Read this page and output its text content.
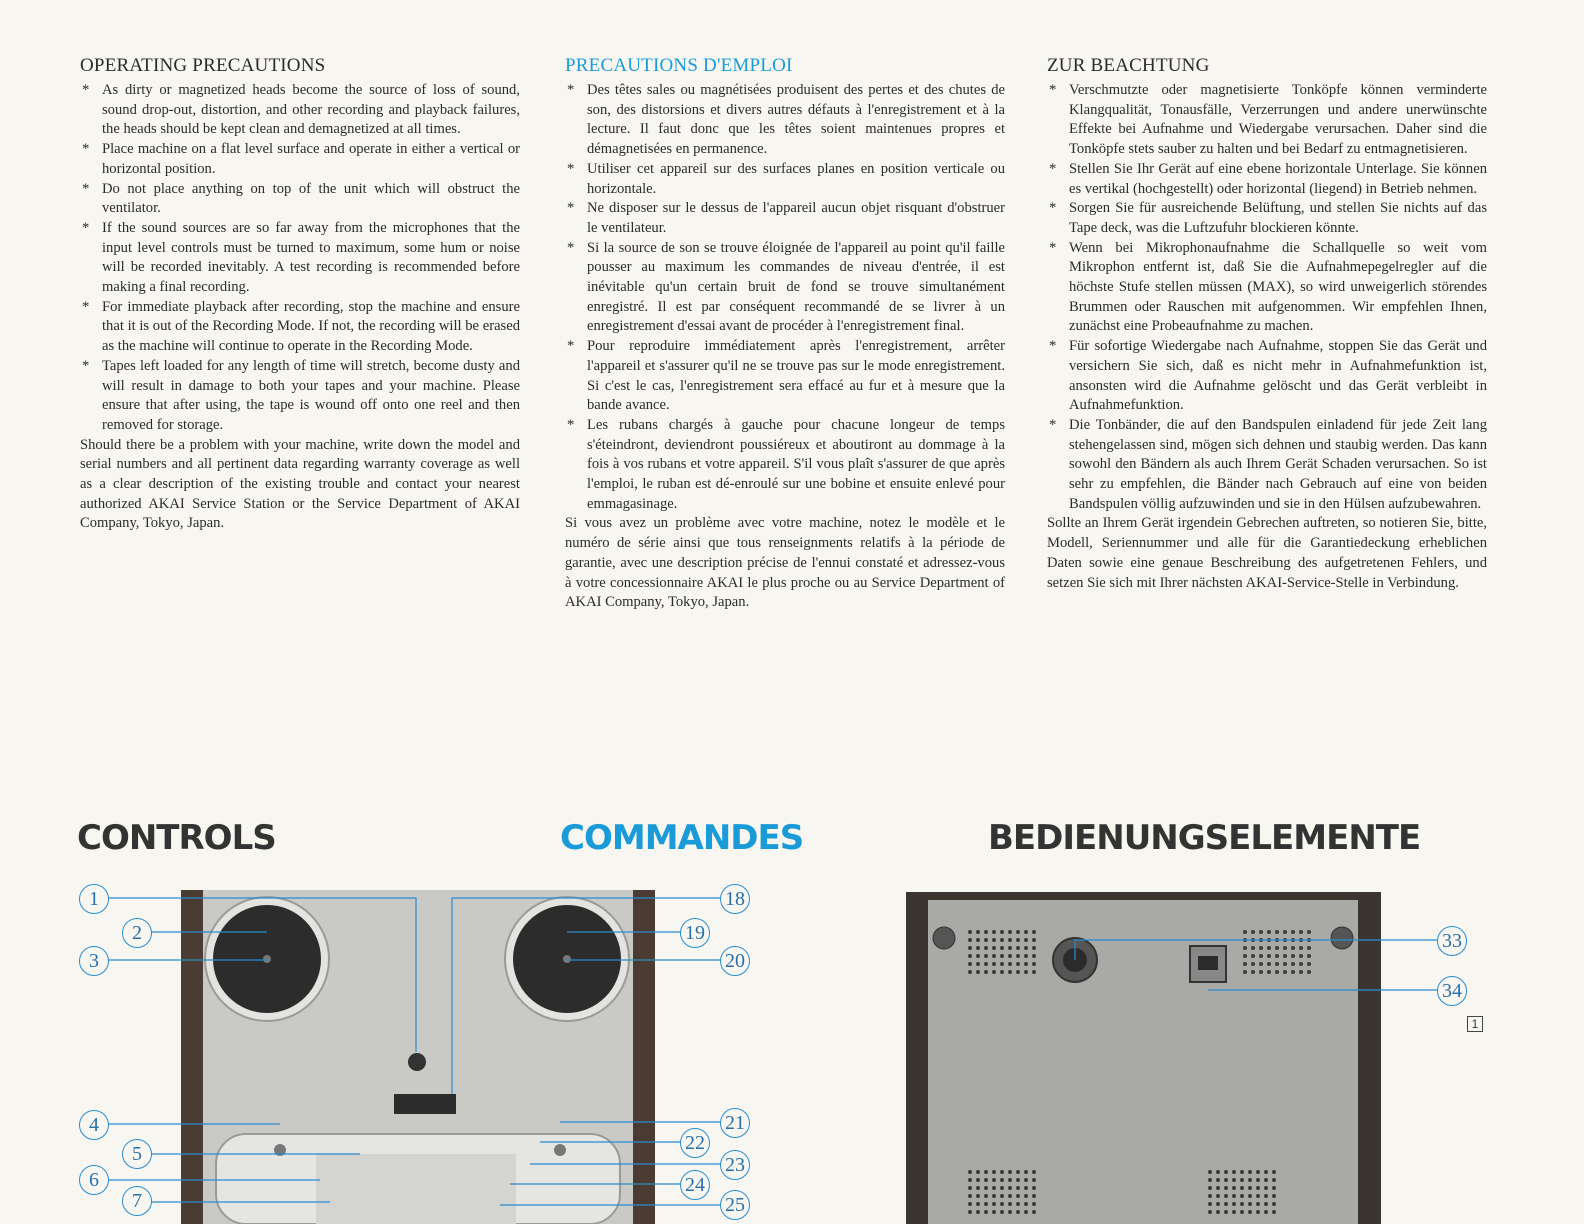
OPERATING PRECAUTIONS
* As dirty or magnetized heads become the source of loss of sound, sound drop-out, distortion, and other recording and playback failures, the heads should be kept clean and demagnetized at all times.
* Place machine on a flat level surface and operate in either a vertical or horizontal position.
* Do not place anything on top of the unit which will obstruct the ventilator.
* If the sound sources are so far away from the microphones that the input level controls must be turned to maximum, some hum or noise will be recorded inevitably. A test recording is recommended before making a final recording.
* For immediate playback after recording, stop the machine and ensure that it is out of the Recording Mode. If not, the recording will be erased as the machine will continue to operate in the Recording Mode.
* Tapes left loaded for any length of time will stretch, become dusty and will result in damage to both your tapes and your machine. Please ensure that after using, the tape is wound off onto one reel and then removed for storage.

Should there be a problem with your machine, write down the model and serial numbers and all pertinent data regarding warranty coverage as well as a clear description of the existing trouble and contact your nearest authorized AKAI Service Station or the Service Department of AKAI Company, Tokyo, Japan.

PRECAUTIONS D'EMPLOI
* Des têtes sales ou magnétisées produisent des pertes et des chutes de son, des distorsions et divers autres défauts à l'enregistrement et à la lecture. Il faut donc que les têtes soient maintenues propres et démagnetisées en permanence.
* Utiliser cet appareil sur des surfaces planes en position verticale ou horizontale.
* Ne disposer sur le dessus de l'appareil aucun objet risquant d'obstruer le ventilateur.
* Si la source de son se trouve éloignée de l'appareil au point qu'il faille pousser au maximum les commandes de niveau d'entrée, il est inévitable qu'un certain bruit de fond se trouve simultanément enregistré. Il est par conséquent recommandé de se livrer à un enregistrement d'essai avant de procéder à l'enregistrement final.
* Pour reproduire immédiatement après l'enregistrement, arrêter l'appareil et s'assurer qu'il ne se trouve pas sur le mode enregistrement. Si c'est le cas, l'enregistrement sera effacé au fur et à mesure que la bande avance.
* Les rubans chargés à gauche pour chacune longeur de temps s'éteindront, deviendront poussiéreux et aboutiront au dommage à la fois à vos rubans et votre appareil. S'il vous plaît s'assurer de que après l'emploi, le ruban est dé-enroulé sur une bobine et ensuite enlevé pour emmagasinage.

Si vous avez un problème avec votre machine, notez le modèle et le numéro de série ainsi que tous renseignments relatifs à la période de garantie, avec une description précise de l'ennui constaté et adressez-vous à votre concessionnaire AKAI le plus proche ou au Service Department of AKAI Company, Tokyo, Japan.

ZUR BEACHTUNG
* Verschmutzte oder magnetisierte Tonköpfe können verminderte Klangqualität, Tonausfälle, Verzerrungen und andere unerwünschte Effekte bei Aufnahme und Wiedergabe verursachen. Daher sind die Tonköpfe stets sauber zu halten und bei Bedarf zu entmagnetisieren.
* Stellen Sie Ihr Gerät auf eine ebene horizontale Unterlage. Sie können es vertikal (hochgestellt) oder horizontal (liegend) in Betrieb nehmen.
* Sorgen Sie für ausreichende Belüftung, und stellen Sie nichts auf das Tape deck, was die Luftzufuhr blockieren könnte.
* Wenn bei Mikrophonaufnahme die Schallquelle so weit vom Mikrophon entfernt ist, daß Sie die Aufnahmepegelregler auf die höchste Stufe stellen müssen (MAX), so wird unweigerlich störendes Brummen oder Rauschen mit aufgenommen. Wir empfehlen Ihnen, zunächst eine Probeaufnahme zu machen.
* Für sofortige Wiedergabe nach Aufnahme, stoppen Sie das Gerät und versichern Sie sich, daß es nicht mehr in Aufnahmefunktion ist, ansonsten wird die Aufnahme gelöscht und das Gerät verbleibt in Aufnahmefunktion.
* Die Tonbänder, die auf den Bandspulen einladend für jede Zeit lang stehengelassen sind, mögen sich dehnen und staubig werden. Das kann sowohl den Bändern als auch Ihrem Gerät Schaden verursachen. So ist sehr zu empfehlen, die Bänder nach Gebrauch auf eine von beiden Bandspulen völlig aufzuwinden und sie in den Hülsen aufzubewahren.

Sollte an Ihrem Gerät irgendein Gebrechen auftreten, so notieren Sie, bitte, Modell, Seriennummer und alle für die Garantiedeckung erheblichen Daten sowie eine genaue Beschreibung des aufgetretenen Fehlers, und setzen Sie sich mit Ihrer nächsten AKAI-Service-Stelle in Verbindung.

CONTROLS	COMMANDES	BEDIENUNGSELEMENTE
1
2
3
4
5
6
7
18
19
20
21
22
23
24
25
33
34
1
